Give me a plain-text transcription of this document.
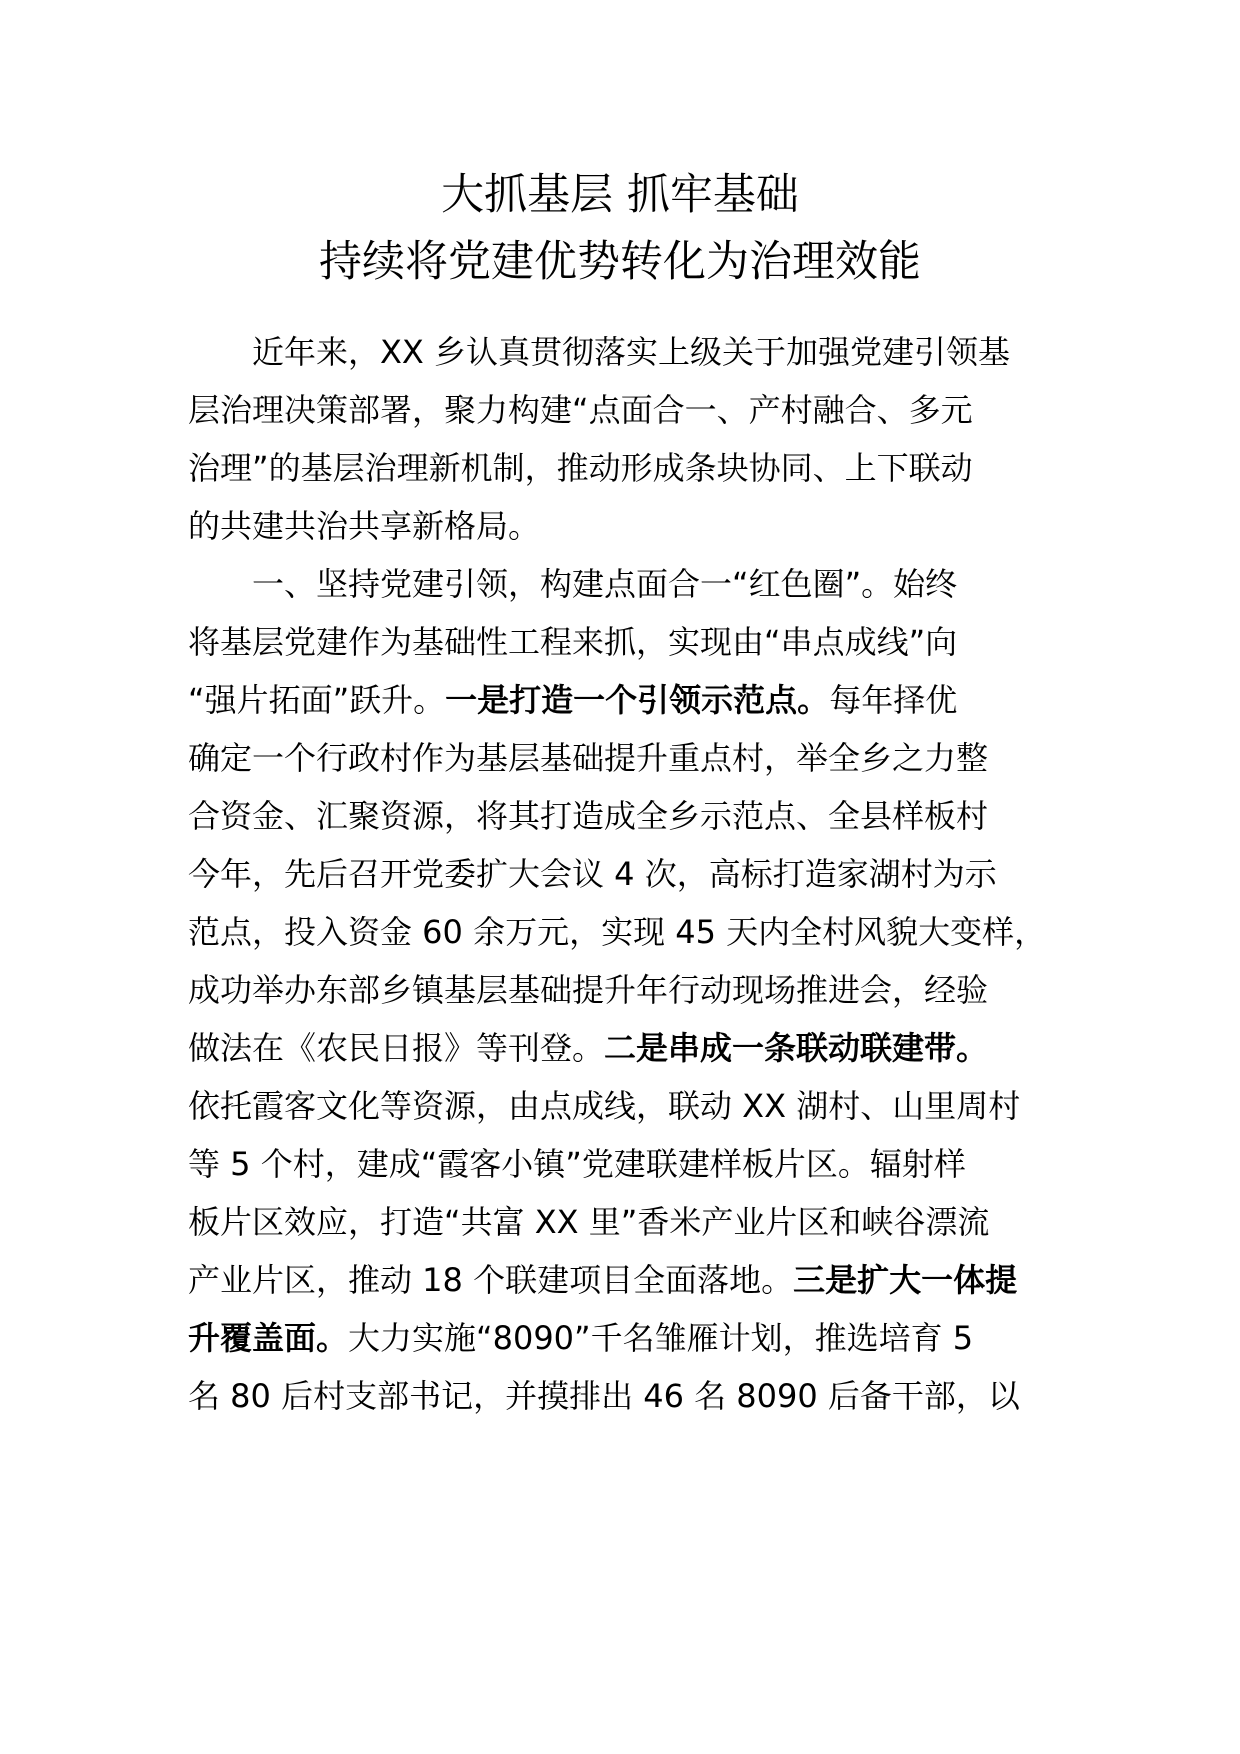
大抓基层 抓牢基础
持续将党建优势转化为治理效能
近年来，XX 乡认真贯彻落实上级关于加强党建引领基
层治理决策部署，聚力构建“点面合一、产村融合、多元
治理”的基层治理新机制，推动形成条块协同、上下联动
的共建共治共享新格局。
一、坚持党建引领，构建点面合一“红色圈”。始终
将基层党建作为基础性工程来抓，实现由“串点成线”向
“强片拓面”跃升。一是打造一个引领示范点。每年择优
确定一个行政村作为基层基础提升重点村，举全乡之力整
合资金、汇聚资源，将其打造成全乡示范点、全县样板村
今年，先后召开党委扩大会议 4 次，高标打造家湖村为示
范点，投入资金 60 余万元，实现 45 天内全村风貌大变样，
成功举办东部乡镇基层基础提升年行动现场推进会，经验
做法在《农民日报》等刊登。二是串成一条联动联建带。
依托霞客文化等资源，由点成线，联动 XX 湖村、山里周村
等 5 个村，建成“霞客小镇”党建联建样板片区。辐射样
板片区效应，打造“共富 XX 里”香米产业片区和峡谷漂流
产业片区，推动 18 个联建项目全面落地。三是扩大一体提
升覆盖面。大力实施“8090”千名雏雁计划，推选培育 5
名 80 后村支部书记，并摸排出 46 名 8090 后备干部，以
